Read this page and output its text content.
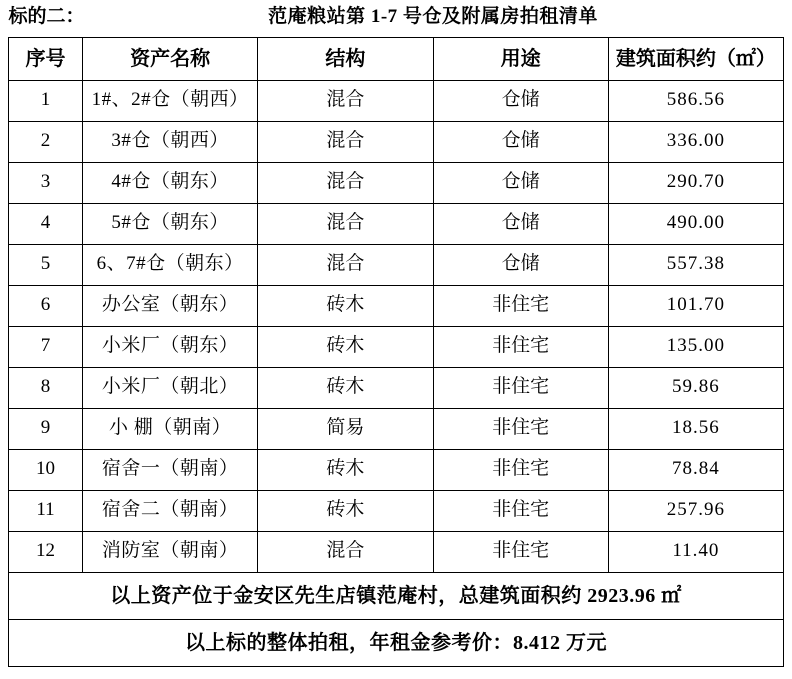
标的二：	范庵粮站第 1-7 号仓及附属房拍租清单			
序号	资产名称	结构	用途	建筑面积约（㎡）
1	1#、2#仓（朝西）	混合	仓储	586.56
2	3#仓（朝西）	混合	仓储	336.00
3	4#仓（朝东）	混合	仓储	290.70
4	5#仓（朝东）	混合	仓储	490.00
5	6、7#仓（朝东）	混合	仓储	557.38
6	办公室（朝东）	砖木	非住宅	101.70
7	小米厂（朝东）	砖木	非住宅	135.00
8	小米厂（朝北）	砖木	非住宅	59.86
9	小 棚（朝南）	简易	非住宅	18.56
10	宿舍一（朝南）	砖木	非住宅	78.84
11	宿舍二（朝南）	砖木	非住宅	257.96
12	消防室（朝南）	混合	非住宅	11.40
以上资产位于金安区先生店镇范庵村，总建筑面积约 2923.96 ㎡				
以上标的整体拍租，年租金参考价：8.412 万元				
